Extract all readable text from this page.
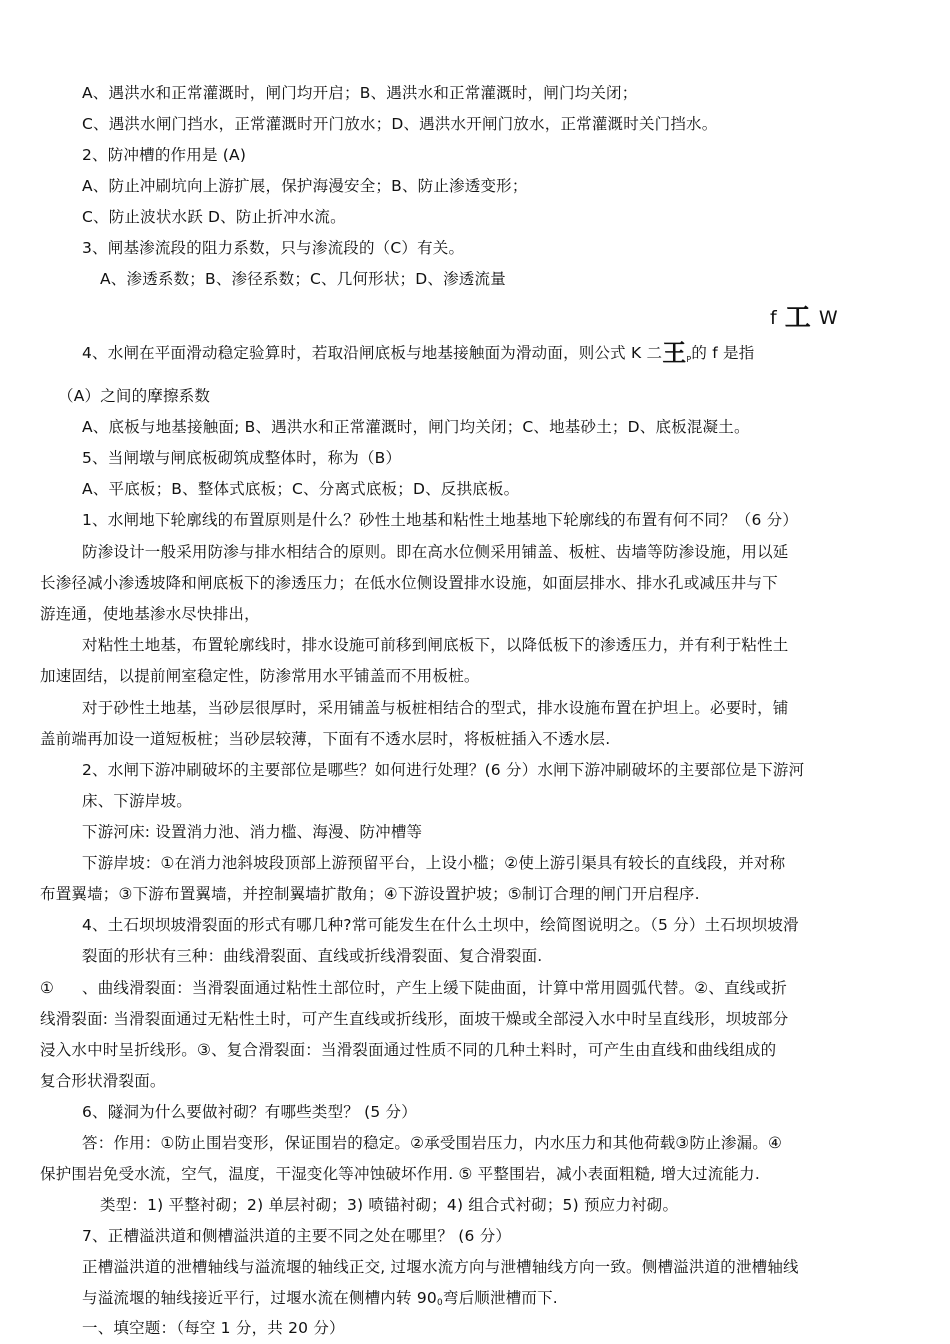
A、遇洪水和正常灌溉时，闸门均开启；B、遇洪水和正常灌溉时，闸门均关闭；
C、遇洪水闸门挡水，正常灌溉时开门放水；D、遇洪水开闸门放水，正常灌溉时关门挡水。
2、防冲槽的作用是 (A)
A、防止冲刷坑向上游扩展，保护海漫安全；B、防止渗透变形；
C、防止波状水跃 D、防止折冲水流。
3、闸基渗流段的阻力系数，只与渗流段的（C）有关。
A、渗透系数；B、渗径系数；C、几何形状；D、渗透流量
f 工 W
4、水闸在平面滑动稳定验算时，若取沿闸底板与地基接触面为滑动面，则公式 K 二王$_P$的 f 是指
（A）之间的摩擦系数
A、底板与地基接触面; B、遇洪水和正常灌溉时，闸门均关闭；C、地基砂土；D、底板混凝土。
5、当闸墩与闸底板砌筑成整体时，称为（B）
A、平底板；B、整体式底板；C、分离式底板；D、反拱底板。
1、水闸地下轮廓线的布置原则是什么？砂性土地基和粘性土地基地下轮廓线的布置有何不同？（6 分）
防渗设计一般采用防渗与排水相结合的原则。即在高水位侧采用铺盖、板桩、齿墙等防渗设施，用以延
长渗径减小渗透坡降和闸底板下的渗透压力；在低水位侧设置排水设施，如面层排水、排水孔或减压井与下
游连通，使地基渗水尽快排出，
对粘性土地基，布置轮廓线时，排水设施可前移到闸底板下，以降低板下的渗透压力，并有利于粘性土
加速固结，以提前闸室稳定性，防渗常用水平铺盖而不用板桩。
对于砂性土地基，当砂层很厚时，采用铺盖与板桩相结合的型式，排水设施布置在护坦上。必要时，铺
盖前端再加设一道短板桩；当砂层较薄，下面有不透水层时，将板桩插入不透水层.
2、水闸下游冲刷破坏的主要部位是哪些？如何进行处理？(6 分）水闸下游冲刷破坏的主要部位是下游河
床、下游岸坡。
下游河床: 设置消力池、消力槛、海漫、防冲槽等
下游岸坡：①在消力池斜坡段顶部上游预留平台，上设小槛；②使上游引渠具有较长的直线段，并对称
布置翼墙；③下游布置翼墙，并控制翼墙扩散角；④下游设置护坡；⑤制订合理的闸门开启程序.
4、土石坝坝坡滑裂面的形式有哪几种?常可能发生在什么土坝中，绘简图说明之。（5 分）土石坝坝坡滑
裂面的形状有三种：曲线滑裂面、直线或折线滑裂面、复合滑裂面.
① 、曲线滑裂面：当滑裂面通过粘性土部位时，产生上缓下陡曲面，计算中常用圆弧代替。②、直线或折
线滑裂面: 当滑裂面通过无粘性土时，可产生直线或折线形，面坡干燥或全部浸入水中时呈直线形，坝坡部分
浸入水中时呈折线形。③、复合滑裂面：当滑裂面通过性质不同的几种土料时，可产生由直线和曲线组成的
复合形状滑裂面。
6、隧洞为什么要做衬砌？有哪些类型？ (5 分）
答：作用：①防止围岩变形，保证围岩的稳定。②承受围岩压力，内水压力和其他荷载③防止渗漏。④
保护围岩免受水流，空气，温度，干湿变化等冲蚀破坏作用. ⑤ 平整围岩，减小表面粗糙, 增大过流能力.
类型：1) 平整衬砌；2) 单层衬砌；3) 喷锚衬砌；4) 组合式衬砌；5) 预应力衬砌。
7、正槽溢洪道和侧槽溢洪道的主要不同之处在哪里？ (6 分）
正槽溢洪道的泄槽轴线与溢流堰的轴线正交, 过堰水流方向与泄槽轴线方向一致。侧槽溢洪道的泄槽轴线
与溢流堰的轴线接近平行，过堰水流在侧槽内转 900弯后顺泄槽而下.
一、填空题：（每空 1 分，共 20 分）
